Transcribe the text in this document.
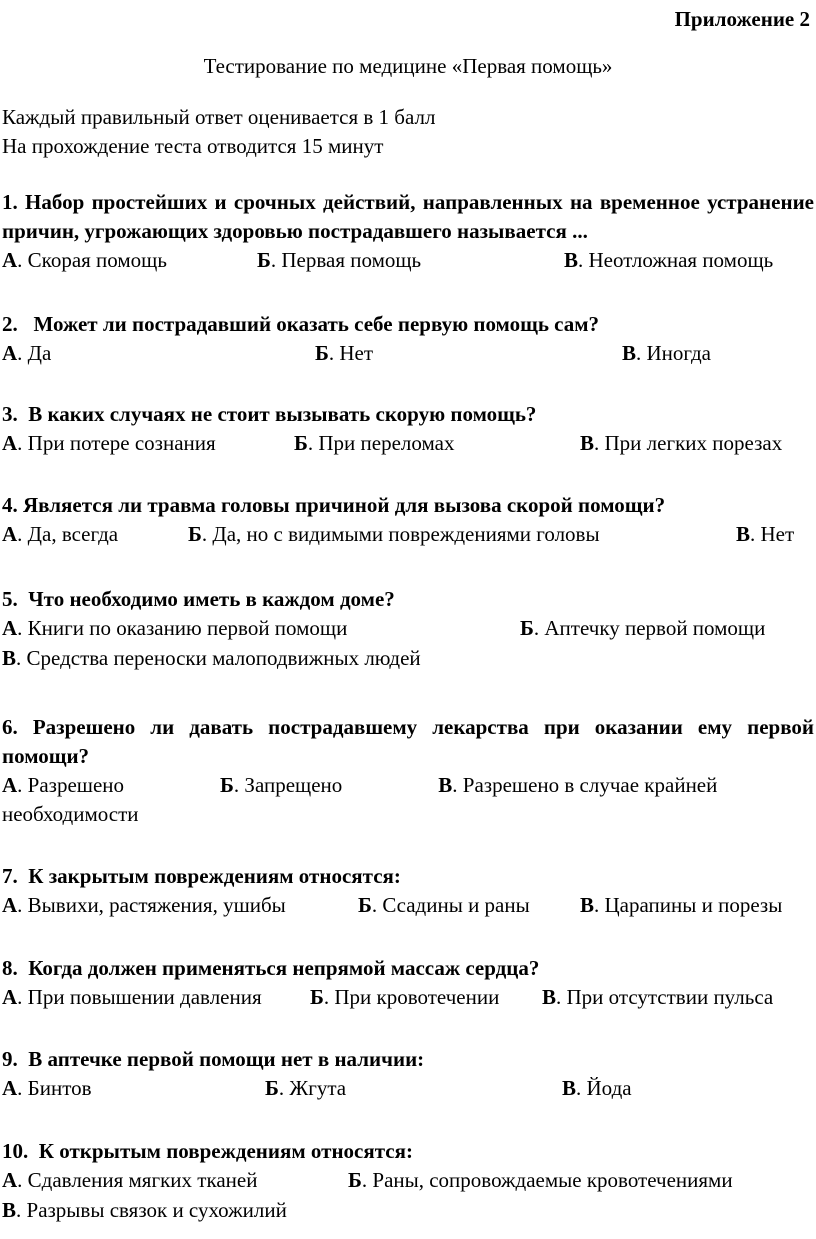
Приложение 2
Тестирование по медицине «Первая помощь»
Каждый правильный ответ оценивается в 1 балл
На прохождение теста отводится 15 минут
1. Набор простейших и срочных действий, направленных на временное устранение причин, угрожающих здоровью пострадавшего называется ...
А. Скорая помощь	Б. Первая помощь	В. Неотложная помощь
2.   Может ли пострадавший оказать себе первую помощь сам?
А. Да	Б. Нет	В. Иногда
3.  В каких случаях не стоит вызывать скорую помощь?
А. При потере сознания	Б. При переломах	В. При легких порезах
4. Является ли травма головы причиной для вызова скорой помощи?
А. Да, всегда	Б. Да, но с видимыми повреждениями головы	В. Нет
5.  Что необходимо иметь в каждом доме?
А. Книги по оказанию первой помощи	Б. Аптечку первой помощи
В. Средства переноски малоподвижных людей
6. Разрешено ли давать пострадавшему лекарства при оказании ему первой помощи?
А. Разрешено	Б. Запрещено	В. Разрешено в случае крайней необходимости
7.  К закрытым повреждениям относятся:
А. Вывихи, растяжения, ушибы	Б. Ссадины и раны В. Царапины и порезы
8.  Когда должен применяться непрямой массаж сердца?
А. При повышении давления Б. При кровотечении В. При отсутствии пульса
9.  В аптечке первой помощи нет в наличии:
А. Бинтов	Б. Жгута	В. Йода
10.  К открытым повреждениям относятся:
А. Сдавления мягких тканей	Б. Раны, сопровождаемые кровотечениями
В. Разрывы связок и сухожилий
